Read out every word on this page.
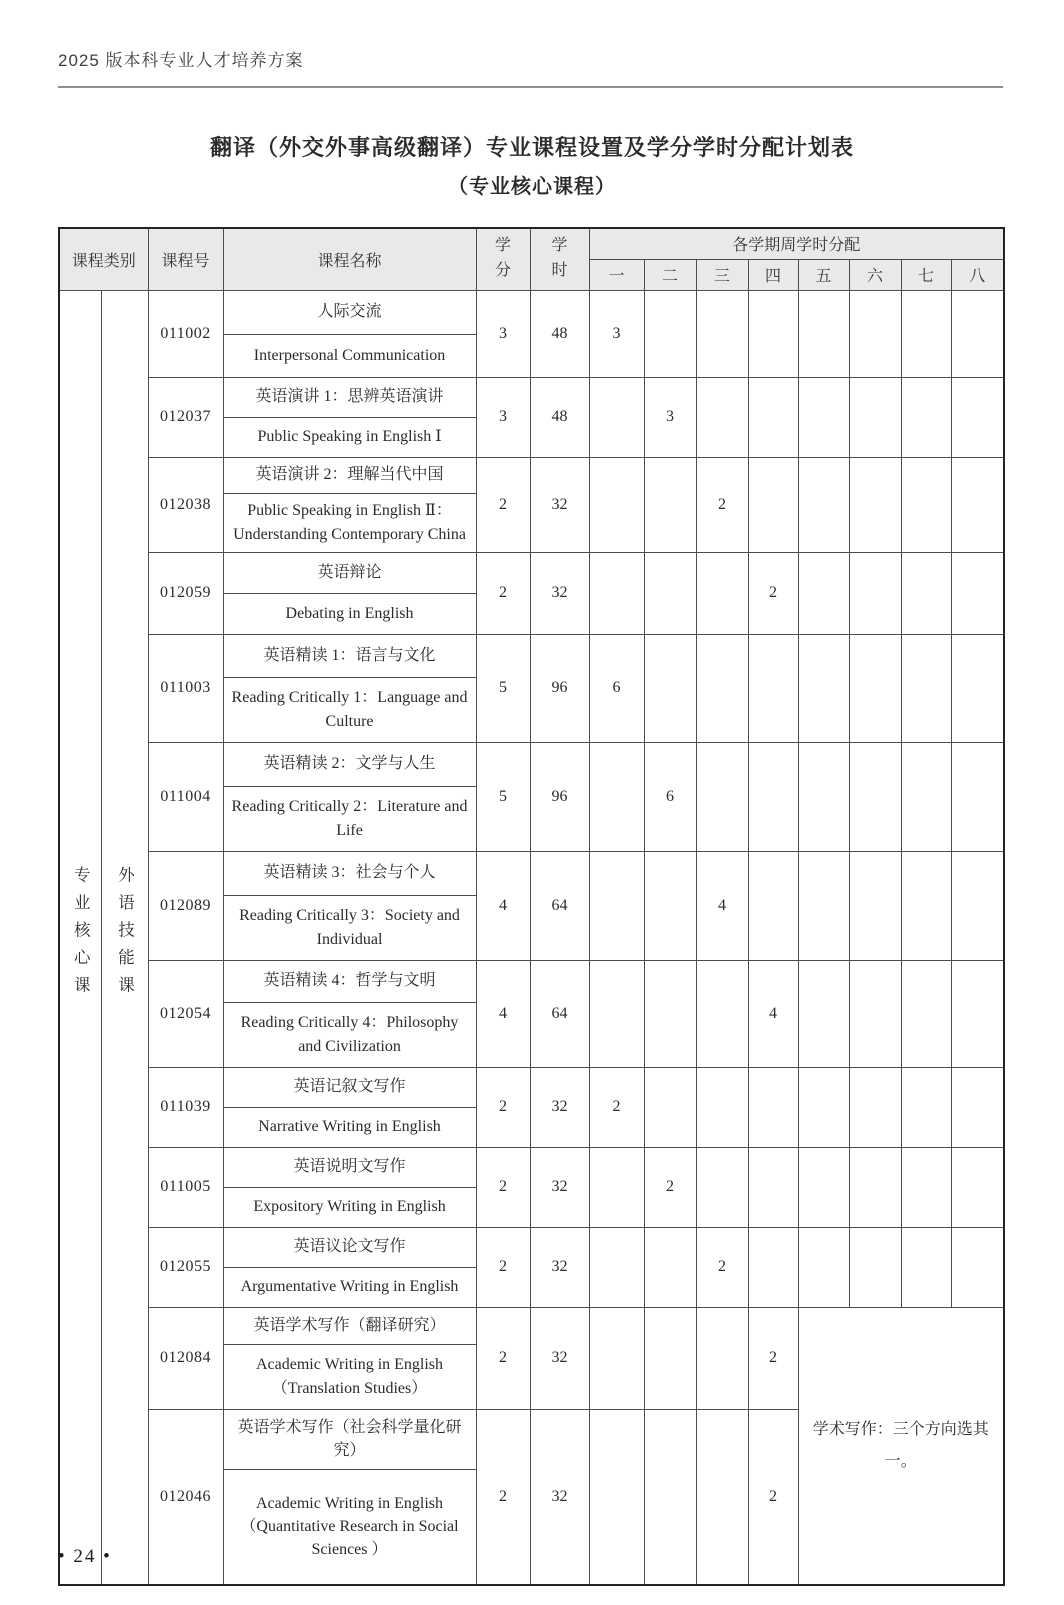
2025 版本科专业人才培养方案
翻译（外交外事高级翻译）专业课程设置及学分学时分配计划表
（专业核心课程）
课程类别		课程号	课程名称	学分	学时	各学期周学时分配							
						一	二	三	四	五	六	七	八
专业核心课	外语技能课	011002	人际交流	3	48	3							
			Interpersonal Communication										
		012037	英语演讲 1：思辨英语演讲	3	48		3						
			Public Speaking in English Ⅰ										
		012038	英语演讲 2：理解当代中国	2	32			2					
			Public Speaking in English Ⅱ：Understanding Contemporary China										
		012059	英语辩论	2	32				2				
			Debating in English										
		011003	英语精读 1：语言与文化	5	96	6							
			Reading Critically 1：Language and Culture										
		011004	英语精读 2：文学与人生	5	96		6						
			Reading Critically 2：Literature and Life										
		012089	英语精读 3：社会与个人	4	64			4					
			Reading Critically 3：Society and Individual										
		012054	英语精读 4：哲学与文明	4	64				4				
			Reading Critically 4：Philosophy and Civilization										
		011039	英语记叙文写作	2	32	2							
			Narrative Writing in English										
		011005	英语说明文写作	2	32		2						
			Expository Writing in English										
		012055	英语议论文写作	2	32			2					
			Argumentative Writing in English										
		012084	英语学术写作（翻译研究）	2	32				2	学术写作：三个方向选其一。			
			Academic Writing in English（Translation Studies）										
		012046	英语学术写作（社会科学量化研究）	2	32				2				
			Academic Writing in English（Quantitative Research in Social Sciences ）										
• 24 •
